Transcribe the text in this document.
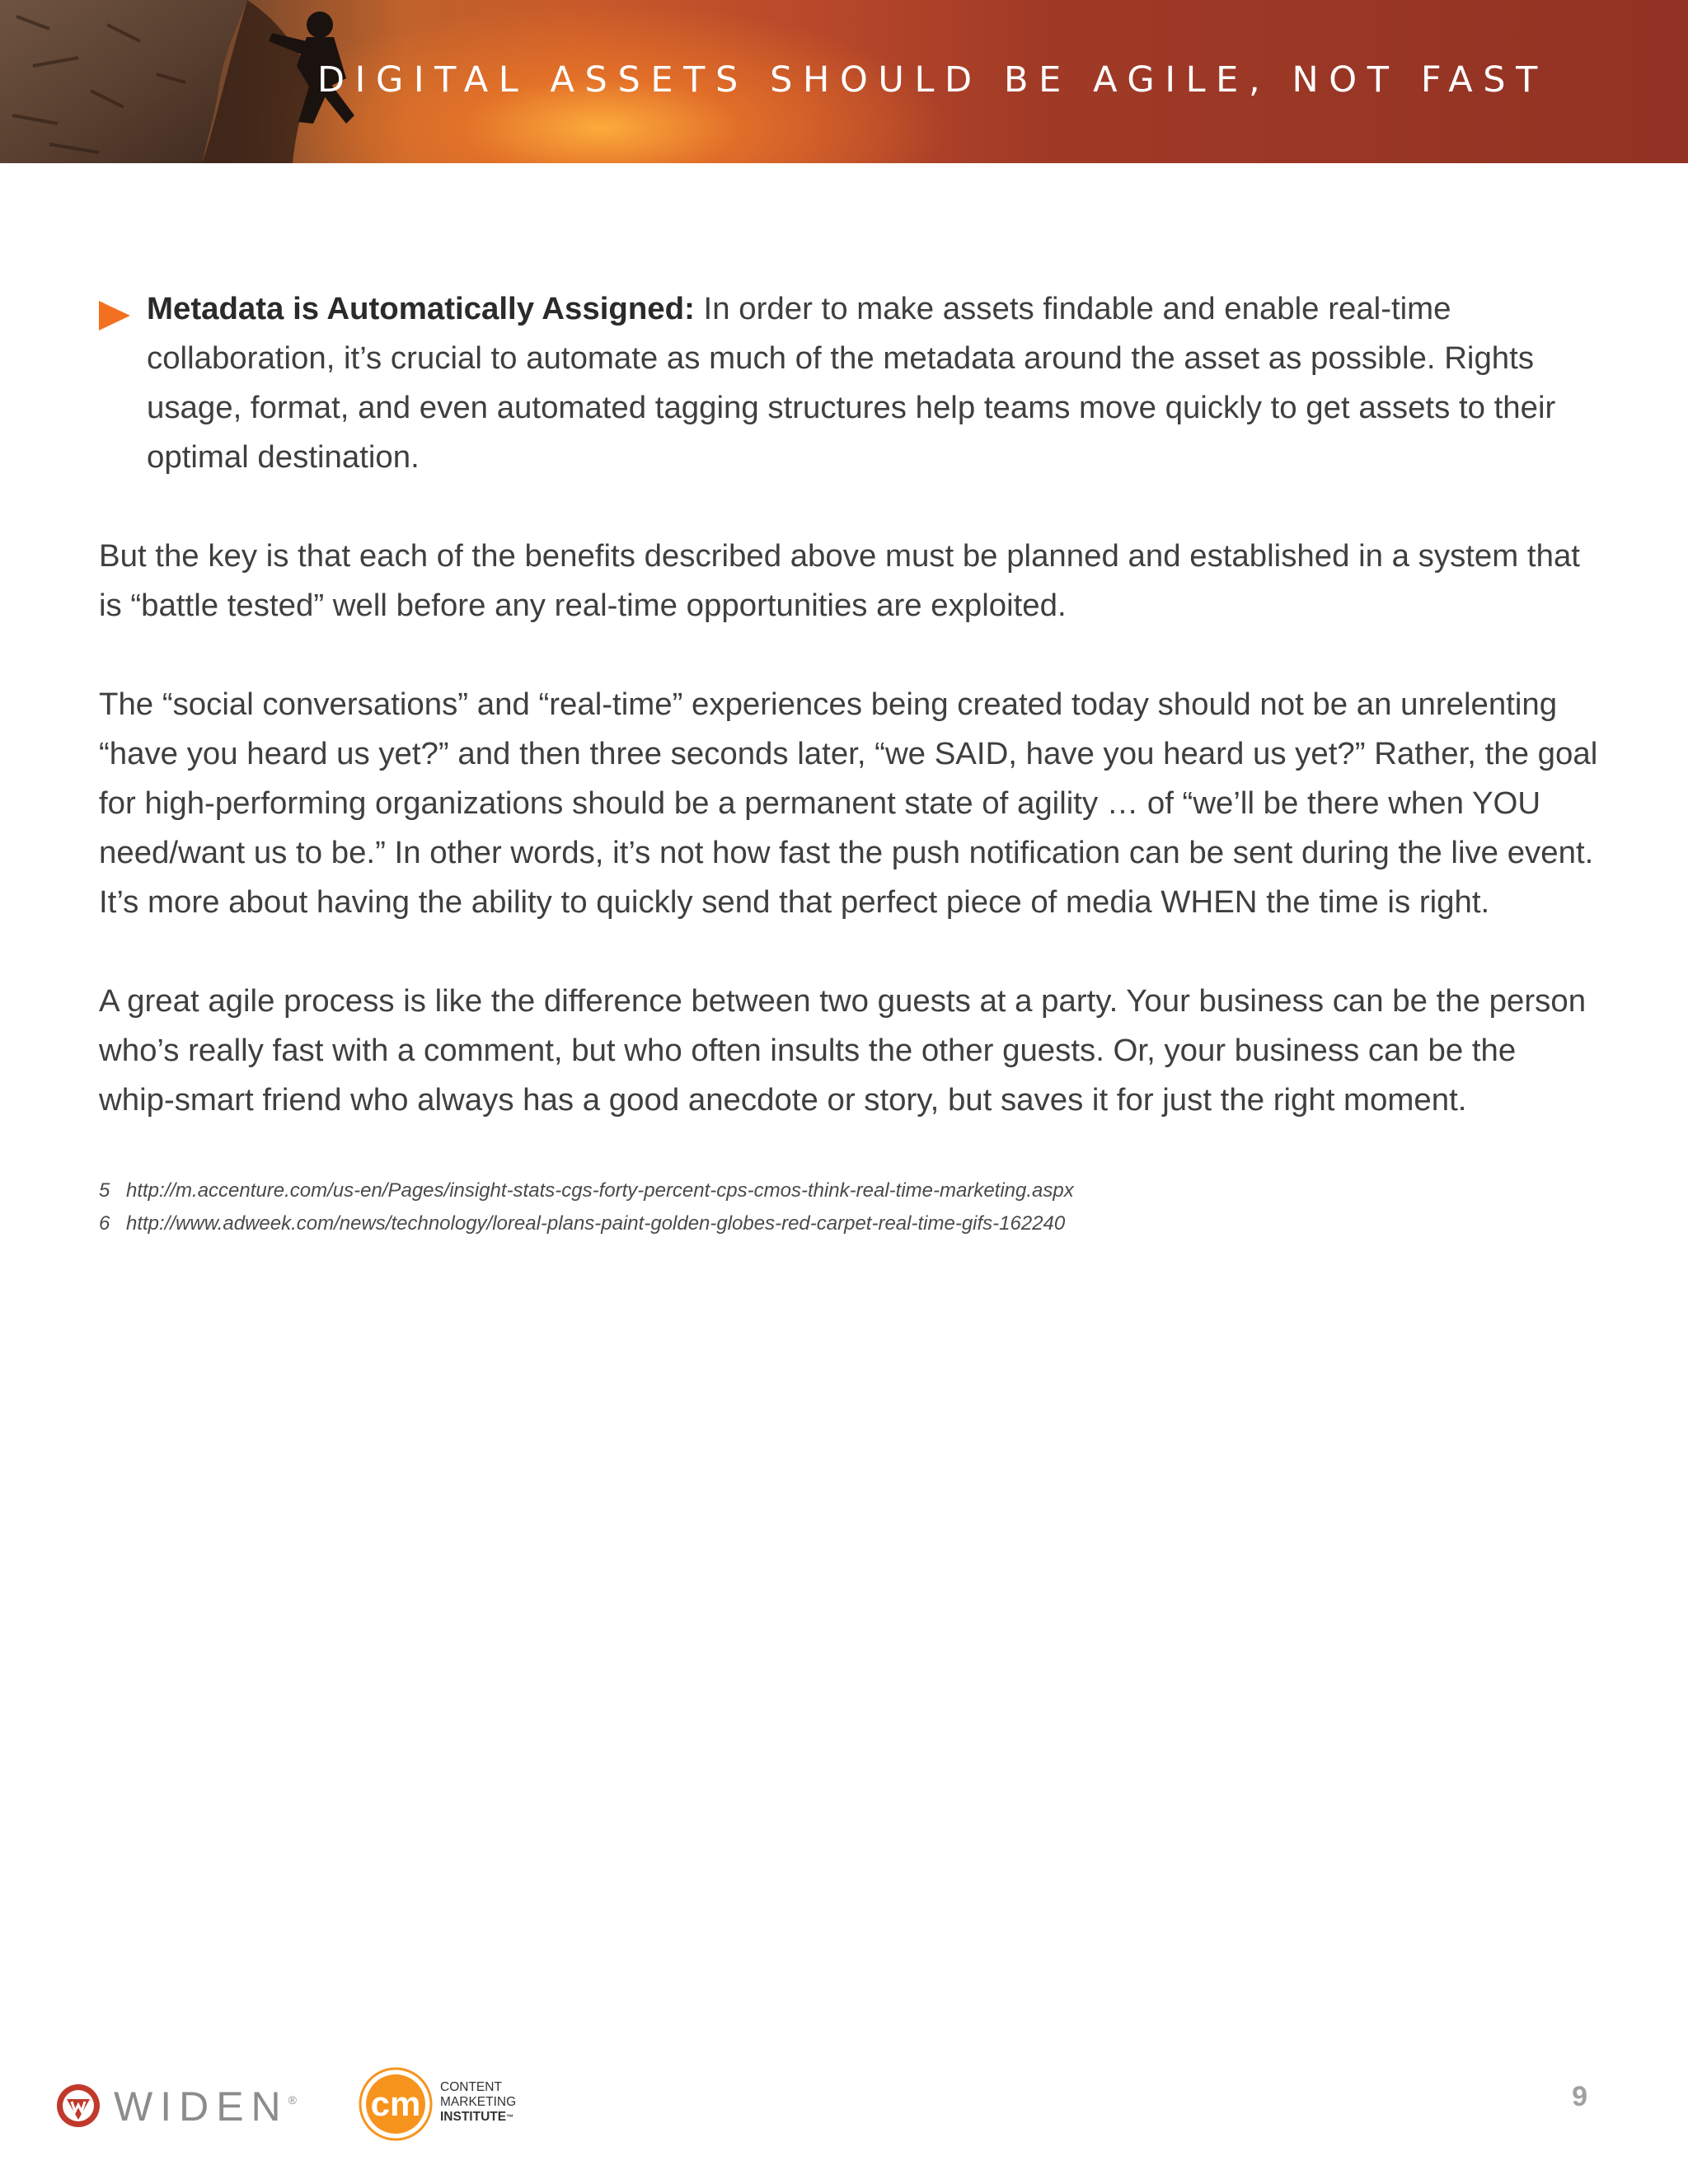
DIGITAL ASSETS SHOULD BE AGILE, NOT FAST
Metadata is Automatically Assigned: In order to make assets findable and enable real-time collaboration, it’s crucial to automate as much of the metadata around the asset as possible. Rights usage, format, and even automated tagging structures help teams move quickly to get assets to their optimal destination.

But the key is that each of the benefits described above must be planned and established in a system that is “battle tested” well before any real-time opportunities are exploited.

The “social conversations” and “real-time” experiences being created today should not be an unrelenting “have you heard us yet?” and then three seconds later, “we SAID, have you heard us yet?” Rather, the goal for high-performing organizations should be a permanent state of agility … of “we’ll be there when YOU need/want us to be.” In other words, it’s not how fast the push notification can be sent during the live event. It’s more about having the ability to quickly send that perfect piece of media WHEN the time is right.

A great agile process is like the difference between two guests at a party. Your business can be the person who’s really fast with a comment, but who often insults the other guests. Or, your business can be the whip-smart friend who always has a good anecdote or story, but saves it for just the right moment.

5 http://m.accenture.com/us-en/Pages/insight-stats-cgs-forty-percent-cps-cmos-think-real-time-marketing.aspx
6 http://www.adweek.com/news/technology/loreal-plans-paint-golden-globes-red-carpet-real-time-gifs-162240
WIDEN® cm CONTENT
MARKETING
INSTITUTE™
9
